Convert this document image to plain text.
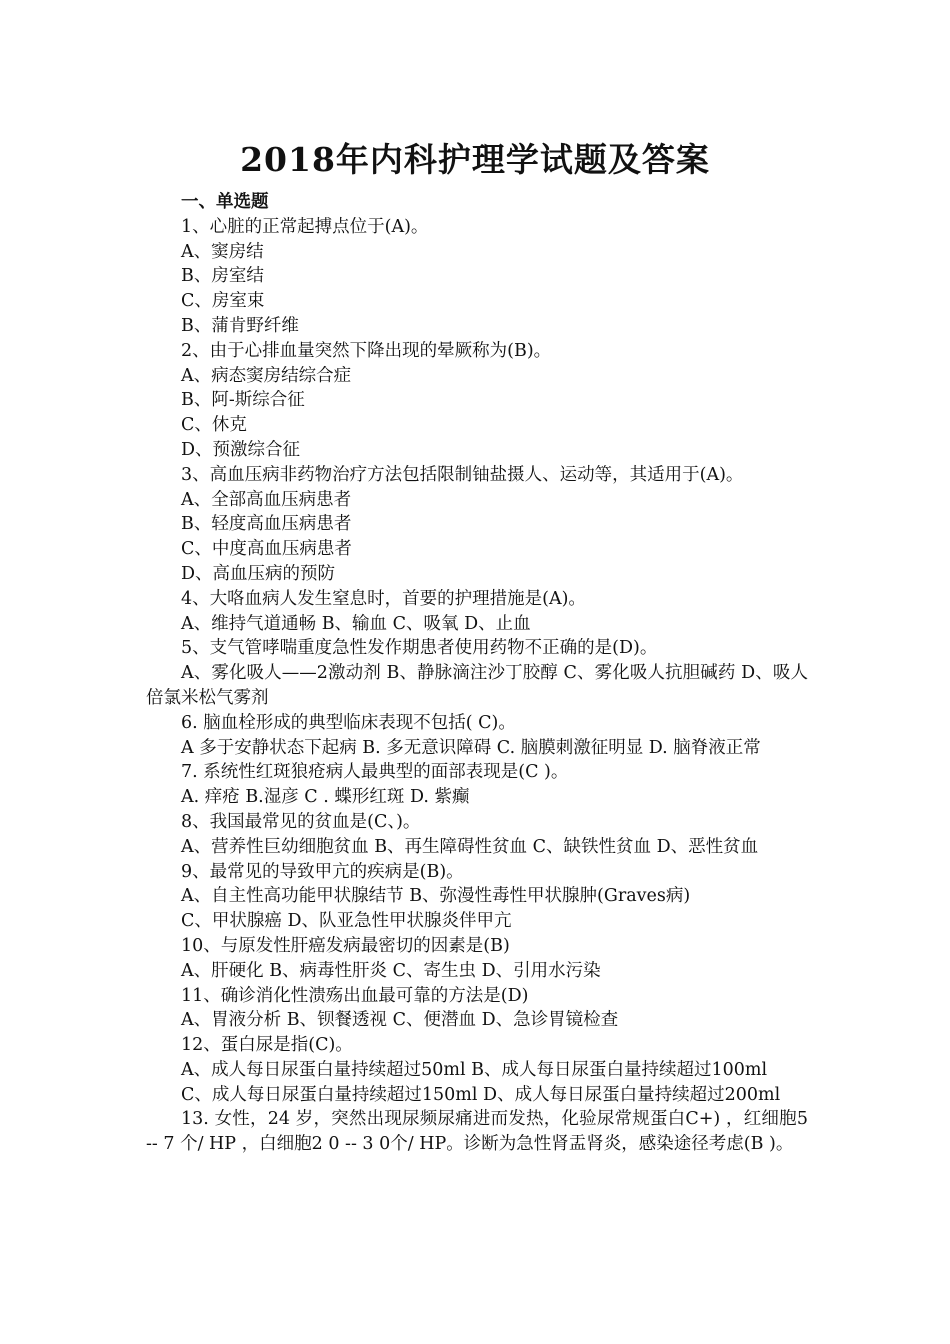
2018年内科护理学试题及答案
一、单选题
1、心脏的正常起搏点位于(A)。
A、窦房结
B、房室结
C、房室束
B、蒲肯野纤维
2、由于心排血量突然下降出现的晕厥称为(B)。
A、病态窦房结综合症
B、阿-斯综合征
C、休克
D、预激综合征
3、高血压病非药物治疗方法包括限制铀盐摄人、运动等，其适用于(A)。
A、全部高血压病患者
B、轻度高血压病患者
C、中度高血压病患者
D、高血压病的预防
4、大咯血病人发生窒息时，首要的护理措施是(A)。
A、维持气道通畅 B、输血 C、吸氧 D、止血
5、支气管哮喘重度急性发作期患者使用药物不正确的是(D)。
A、雾化吸人——2激动剂 B、静脉滴注沙丁胶醇 C、雾化吸人抗胆碱药 D、吸人倍氯米松气雾剂
6. 脑血栓形成的典型临床表现不包括( C)。
A 多于安静状态下起病 B. 多无意识障碍 C. 脑膜刺激征明显 D. 脑脊液正常
7. 系统性红斑狼疮病人最典型的面部表现是(C )。
A. 痒疮 B.湿彦 C . 蝶形红斑 D. 紫癫
8、我国最常见的贫血是(C、)。
A、营养性巨幼细胞贫血 B、再生障碍性贫血 C、缺铁性贫血 D、恶性贫血
9、最常见的导致甲亢的疾病是(B)。
A、自主性高功能甲状腺结节 B、弥漫性毒性甲状腺肿(Graves病)
C、甲状腺癌 D、队亚急性甲状腺炎伴甲亢
10、与原发性肝癌发病最密切的因素是(B)
A、肝硬化 B、病毒性肝炎 C、寄生虫 D、引用水污染
11、确诊消化性溃殇出血最可靠的方法是(D)
A、胃液分析 B、钡餐透视 C、便潜血 D、急诊胃镜检查
12、蛋白尿是指(C)。
A、成人每日尿蛋白量持续超过50ml B、成人每日尿蛋白量持续超过100ml
C、成人每日尿蛋白量持续超过150ml D、成人每日尿蛋白量持续超过200ml
13. 女性，24 岁，突然出现尿频尿痛进而发热，化验尿常规蛋白C+) ，红细胞5 -- 7 个/ HP ，白细胞2 0 -- 3 0个/ HP。诊断为急性肾盂肾炎，感染途径考虑(B )。
